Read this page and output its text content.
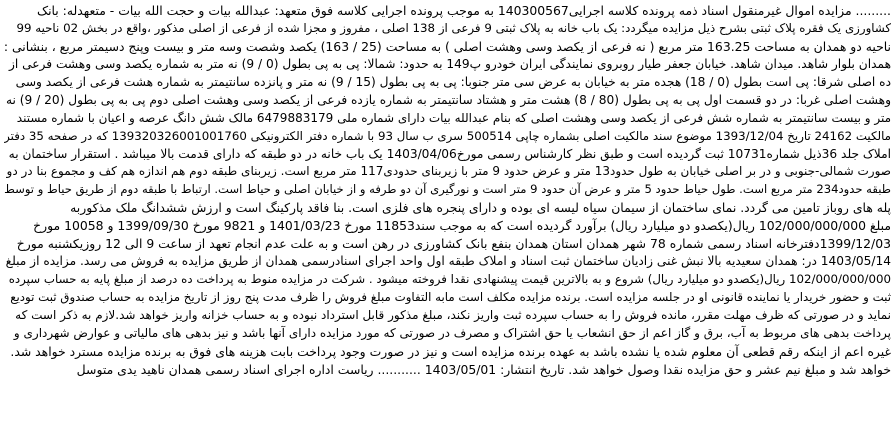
......... مزایده اموال غیرمنقول اسناد ذمه پرونده کلاسه اجرایی140300567 به موجب پرونده اجرایی کلاسه فوق متعهد: عبدالله بیات و حجت الله بیات - متعهدله: بانک
کشاورزی یک فقره پلاک ثبتی بشرح ذیل مزایده میگردد: یک باب خانه به پلاک ثبتی 9 فرعی از 138 اصلی ، مفروز و مجزا شده از فرعی از اصلی مذکور ،واقع در بخش 02 ناحیه 99
ناحیه دو همدان به مساحت 163.25 متر مربع ( نه فرعی از یکصد وسی وهشت اصلی ) به مساحت (25 / 163) یکصد وشصت وسه متر و بیست وپنج دسیمتر مربع ، بنشانی :
همدان بلوار شاهد. میدان شاهد. خیابان جعفر طیار روبروی نمایندگی ایران خودرو پ149 به حدود: شمالا: پی به پی بطول (0 / 9) نه متر به شماره یکصد وسی وهشت فرعی از
ده اصلی شرقا: پی است بطول (0 / 18) هجده متر به خیابان به عرض سی متر جنوبا: پی به پی بطول (15 / 9) نه متر و پانزده سانتیمتر به شماره هشت فرعی از یکصد وسی
وهشت اصلی غربا: در دو قسمت اول پی به پی بطول (80 / 8) هشت متر و هشتاد سانتیمتر به شماره یازده فرعی از یکصد وسی وهشت اصلی دوم پی به پی بطول (20 / 9) نه
متر و بیست سانتیمتر به شماره شش فرعی از یکصد وسی وهشت اصلی که بنام عبدالله بیات دارای شماره ملی 6479883179 مالک شش دانگ عرصه و اعیان با شماره مستند
مالکیت 24162 تاریخ 1393/12/04 موضوع سند مالکیت اصلی بشماره چاپی 500514 سری ب سال 93 با شماره دفتر الکترونیکی 139320326001001760 که در صفحه 35 دفتر
املاک جلد 36ذیل شماره10731 ثبت گردیده است و طبق نظر کارشناس رسمی مورخ1403/04/06 یک باب خانه در دو طبقه که دارای قدمت بالا میباشد . استقرار ساختمان به
صورت شمالی-جنوبی و در بر اصلی خیابان به طول حدود13 متر و عرض حدود 9 متر با زیربنای حدودی117 متر مربع است. زیربنای طبقه دوم هم اندازه هم کف و مجموع بنا در دو
طبقه حدود234 متر مربع است. طول حیاط حدود 5 متر و عرض آن حدود 9 متر است و نورگیری آن دو طرفه و از خیابان اصلی و حیاط است. ارتباط با طبقه دوم از طریق حیاط و توسط
پله های روباز تامین می گردد. نمای ساختمان از سیمان سیاه لیسه ای بوده و دارای پنجره های فلزی است. بنا فاقد پارکینگ است و ارزش ششدانگ ملک مذکوربه
مبلغ 102/000/000/000 ریال(یکصدو دو میلیارد ریال) برآورد گردیده است که به موجب سند11853 مورخ 1401/03/23 و 9821 مورخ 1399/09/30 و 10058 مورخ
1399/12/03دفترخانه اسناد رسمی شماره 78 شهر همدان استان همدان بنفع بانک کشاورزی در رهن است و به علت عدم انجام تعهد از ساعت 9 الی 12 روزیکشنبه مورخ
1403/05/14 در: همدان سعیدیه بالا نبش غنی زادیان ساختمان ثبت اسناد و املاک طبقه اول واحد اجرای اسنادرسمی همدان از طریق مزایده به فروش می رسد. مزایده از مبلغ
102/000/000/000 ریال(یکصدو دو میلیارد ریال) شروع و به بالاترین قیمت پیشنهادی نقدا فروخته میشود . شرکت در مزایده منوط به پرداخت ده درصد از مبلغ پایه به حساب سپرده
ثبت و حضور خریدار یا نماینده قانونی او در جلسه مزایده است. برنده مزایده مکلف است مابه التفاوت مبلغ فروش را ظرف مدت پنج روز از تاریخ مزایده به حساب صندوق ثبت تودیع
نماید و در صورتی که ظرف مهلت مقرر، مانده فروش را به حساب سپرده ثبت واریز نکند، مبلغ مذکور قابل استرداد نبوده و به حساب خزانه واریز خواهد شد.لازم به ذکر است که
پرداخت بدهی های مربوط به آب، برق و گاز اعم از حق انشعاب یا حق اشتراک و مصرف در صورتی که مورد مزایده دارای آنها باشد و نیز بدهی های مالیاتی و عوارض شهرداری و
غیره اعم از اینکه رقم قطعی آن معلوم شده یا نشده باشد به عهده برنده مزایده است و نیز در صورت وجود پرداخت بابت هزینه های فوق به برنده مزایده مسترد خواهد شد.
خواهد شد و مبلغ نیم عشر و حق مزایده نقدا وصول خواهد شد. تاریخ انتشار: 1403/05/01 ........... ریاست اداره اجرای اسناد رسمی همدان ناهید یدی متوسل
